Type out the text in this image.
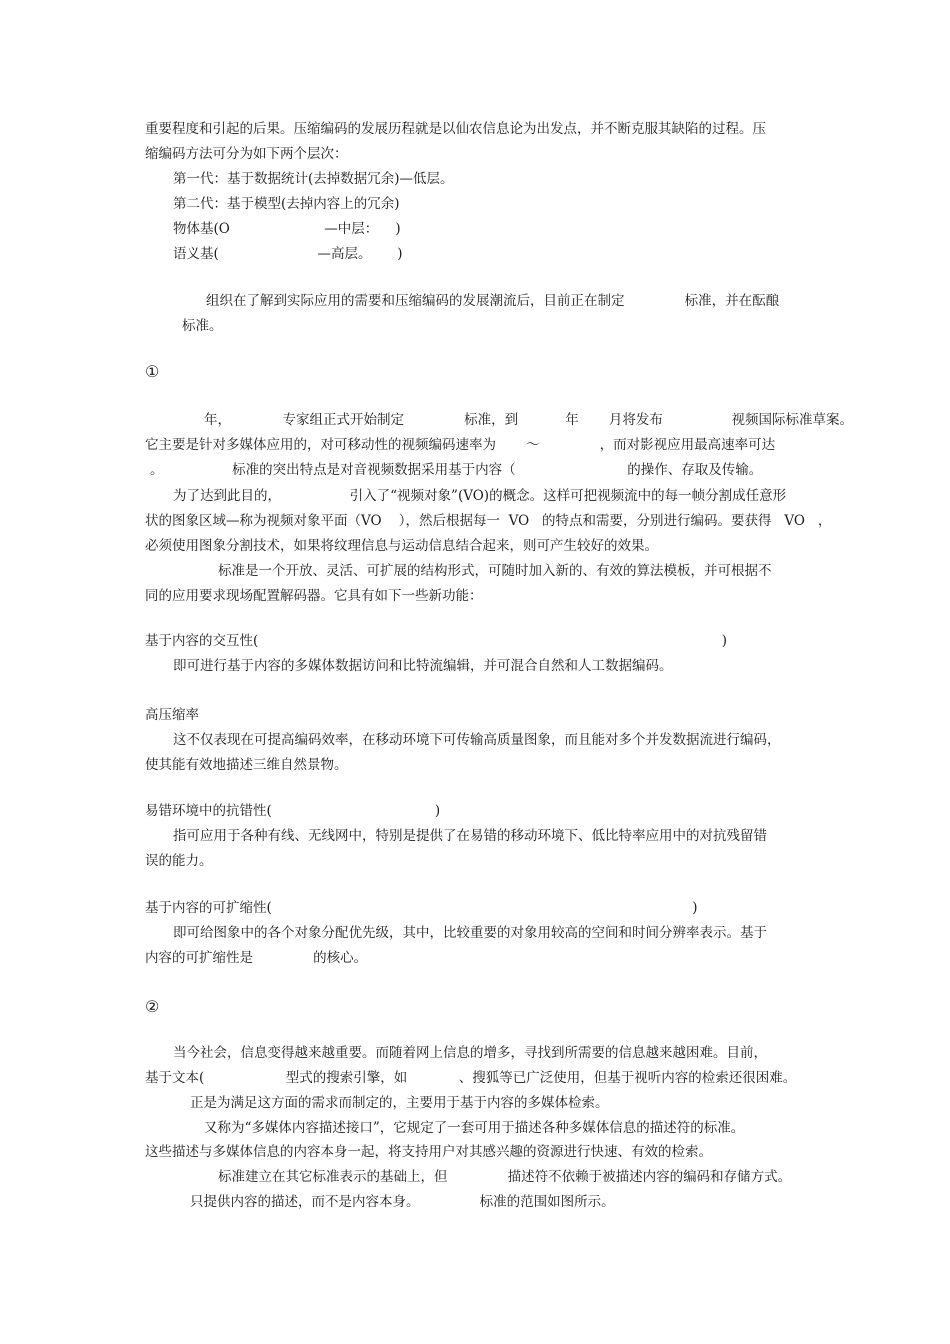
重要程度和引起的后果。压缩编码的发展历程就是以仙农信息论为出发点，并不断克服其缺陷的过程。压
缩编码方法可分为如下两个层次：
第一代：基于数据统计(去掉数据冗余)—低层。
第二代：基于模型(去掉内容上的冗余)
物体基(O                      —中层：    )
语义基(                       —高层。      )
组织在了解到实际应用的需要和压缩编码的发展潮流后，目前正在制定              标准，并在酝酿
标准。
①
年，            专家组正式开始制定              标准，到           年       月将发布                视频国际标准草案。
它主要是针对多媒体应用的，对可移动性的视频编码速率为       ～              ，而对影视应用最高速率可达
。                标准的突出特点是对音视频数据采用基于内容（                          的操作、存取及传输。
为了达到此目的，                引入了“视频对象”(VO)的概念。这样可把视频流中的每一帧分割成任意形
状的图象区域—称为视频对象平面（VO    ），然后根据每一  VO   的特点和需要，分别进行编码。要获得   VO   ，
必须使用图象分割技术，如果将纹理信息与运动信息结合起来，则可产生较好的效果。
标准是一个开放、灵活、可扩展的结构形式，可随时加入新的、有效的算法模板，并可根据不
同的应用要求现场配置解码器。它具有如下一些新功能：
基于内容的交互性(                                                                                                            )
即可进行基于内容的多媒体数据访问和比特流编辑，并可混合自然和人工数据编码。
高压缩率
这不仅表现在可提高编码效率，在移动环境下可传输高质量图象，而且能对多个并发数据流进行编码，
使其能有效地描述三维自然景物。
易错环境中的抗错性(                                      )
指可应用于各种有线、无线网中，特别是提供了在易错的移动环境下、低比特率应用中的对抗残留错
误的能力。
基于内容的可扩缩性(                                                                                                  )
即可给图象中的各个对象分配优先级，其中，比较重要的对象用较高的空间和时间分辨率表示。基于
内容的可扩缩性是              的核心。
②
当今社会，信息变得越来越重要。而随着网上信息的增多，寻找到所需要的信息越来越困难。目前，
基于文本(                   型式的搜索引擎，如            、搜狐等已广泛使用，但基于视听内容的检索还很困难。
正是为满足这方面的需求而制定的，主要用于基于内容的多媒体检索。
又称为“多媒体内容描述接口”，它规定了一套可用于描述各种多媒体信息的描述符的标准。
这些描述与多媒体信息的内容本身一起，将支持用户对其感兴趣的资源进行快速、有效的检索。
标准建立在其它标准表示的基础上，但              描述符不依赖于被描述内容的编码和存储方式。
只提供内容的描述，而不是内容本身。              标准的范围如图所示。
